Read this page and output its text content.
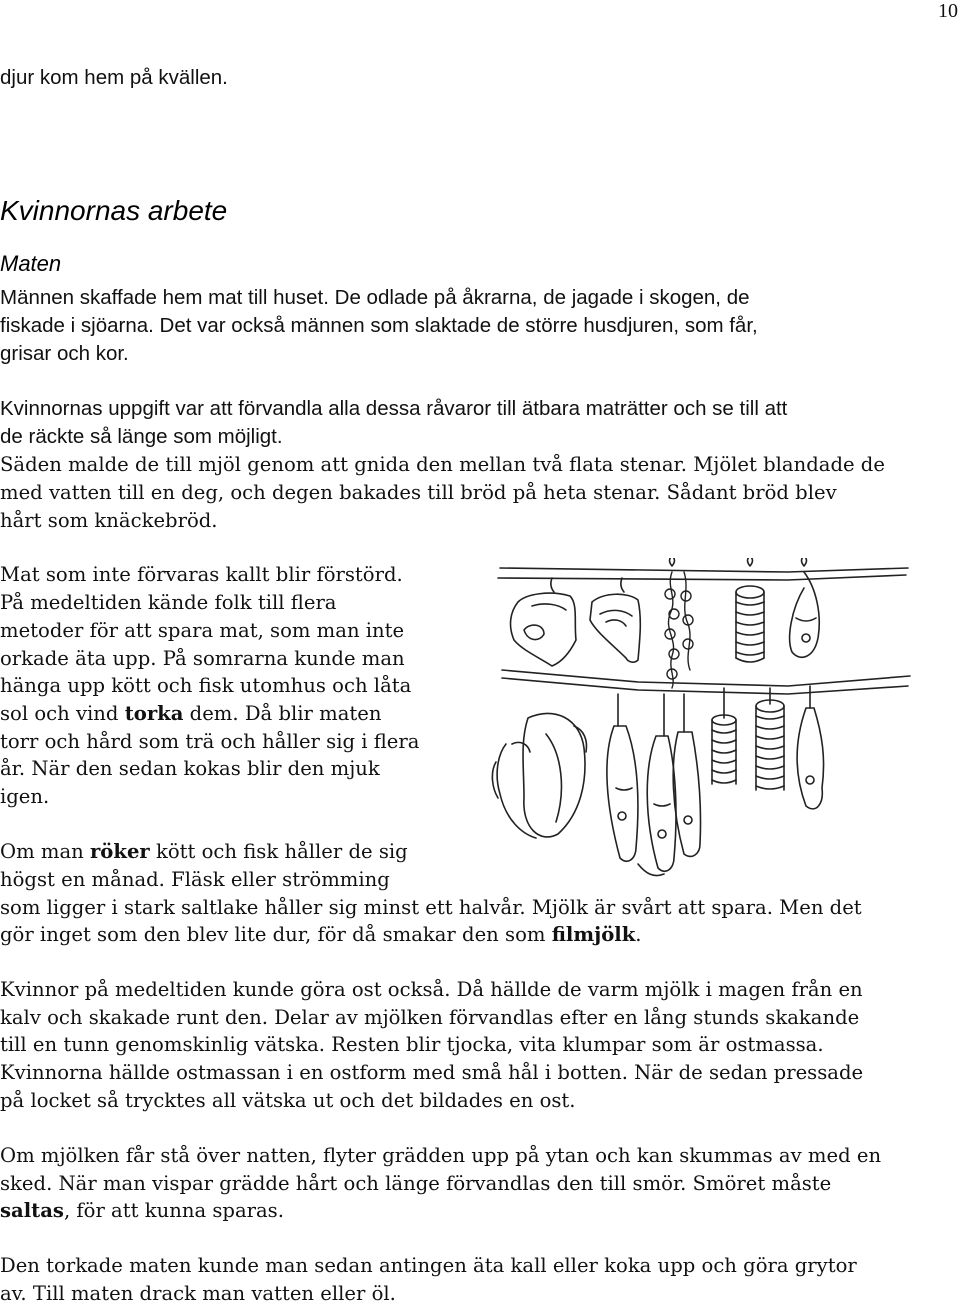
10

djur kom hem på kvällen.

Kvinnornas arbete
Maten

Männen skaffade hem mat till huset. De odlade på åkrarna, de jagade i skogen, de

fiskade i sjöarna. Det var också männen som slaktade de större husdjuren, som får,

grisar och kor.

Kvinnornas uppgift var att förvandla alla dessa råvaror till ätbara maträtter och se till att

de räckte så länge som möjligt.

Säden malde de till mjöl genom att gnida den mellan två flata stenar. Mjölet blandade de

med vatten till en deg, och degen bakades till bröd på heta stenar. Sådant bröd blev

hårt som knäckebröd.

Mat som inte förvaras kallt blir förstörd.

På medeltiden kände folk till flera

metoder för att spara mat, som man inte

orkade äta upp. På somrarna kunde man

hänga upp kött och fisk utomhus och låta

sol och vind torka dem. Då blir maten

torr och hård som trä och håller sig i flera

år. När den sedan kokas blir den mjuk

igen.

Om man röker kött och fisk håller de sig

högst en månad. Fläsk eller strömming

som ligger i stark saltlake håller sig minst ett halvår. Mjölk är svårt att spara. Men det

gör inget som den blev lite dur, för då smakar den som filmjölk.

Kvinnor på medeltiden kunde göra ost också. Då hällde de varm mjölk i magen från en

kalv och skakade runt den. Delar av mjölken förvandlas efter en lång stunds skakande

till en tunn genomskinlig vätska. Resten blir tjocka, vita klumpar som är ostmassa.

Kvinnorna hällde ostmassan i en ostform med små hål i botten. När de sedan pressade

på locket så trycktes all vätska ut och det bildades en ost.

Om mjölken får stå över natten, flyter grädden upp på ytan och kan skummas av med en

sked. När man vispar grädde hårt och länge förvandlas den till smör. Smöret måste

saltas, för att kunna sparas.

Den torkade maten kunde man sedan antingen äta kall eller koka upp och göra grytor

av. Till maten drack man vatten eller öl.
